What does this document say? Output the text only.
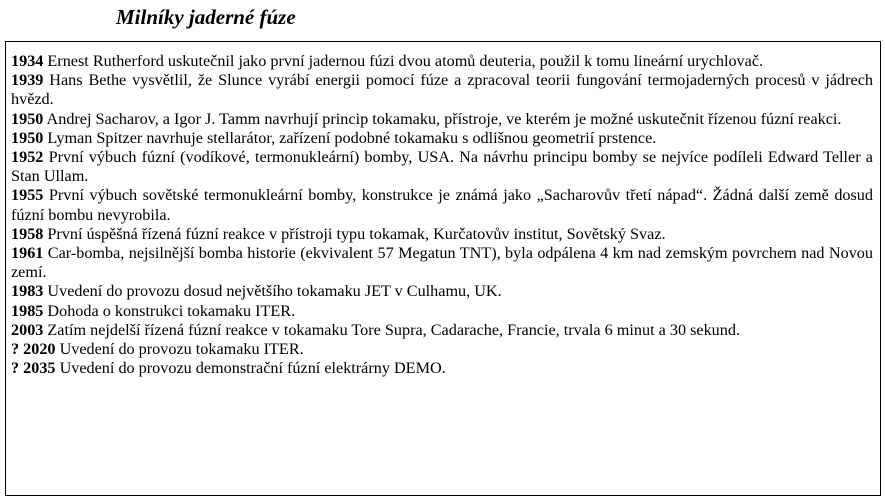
Milníky jaderné fúze
1934 Ernest Rutherford uskutečnil jako první jadernou fúzi dvou atomů deuteria, použil k tomu lineární urychlovač.
1939 Hans Bethe vysvětlil, že Slunce vyrábí energii pomocí fúze a zpracoval teorii fungování termojaderných procesů v jádrech hvězd.
1950 Andrej Sacharov, a Igor J. Tamm navrhují princip tokamaku, přístroje, ve kterém je možné uskutečnit řízenou fúzní reakci.
1950 Lyman Spitzer navrhuje stellarátor, zařízení podobné tokamaku s odlišnou geometrií prstence.
1952 První výbuch fúzní (vodíkové, termonukleární) bomby, USA. Na návrhu principu bomby se nejvíce podíleli Edward Teller a Stan Ullam.
1955 První výbuch sovětské termonukleární bomby, konstrukce je známá jako „Sacharovův třetí nápad“. Žádná další země dosud fúzní bombu nevyrobila.
1958 První úspěšná řízená fúzní reakce v přístroji typu tokamak, Kurčatovův institut, Sovětský Svaz.
1961 Car-bomba, nejsilnější bomba historie (ekvivalent 57 Megatun TNT), byla odpálena 4 km nad zemským povrchem nad Novou zemí.
1983 Uvedení do provozu dosud největšího tokamaku JET v Culhamu, UK.
1985 Dohoda o konstrukci tokamaku ITER.
2003 Zatím nejdelší řízená fúzní reakce v tokamaku Tore Supra, Cadarache, Francie, trvala 6 minut a 30 sekund.
? 2020 Uvedení do provozu tokamaku ITER.
? 2035 Uvedení do provozu demonstrační fúzní elektrárny DEMO.
